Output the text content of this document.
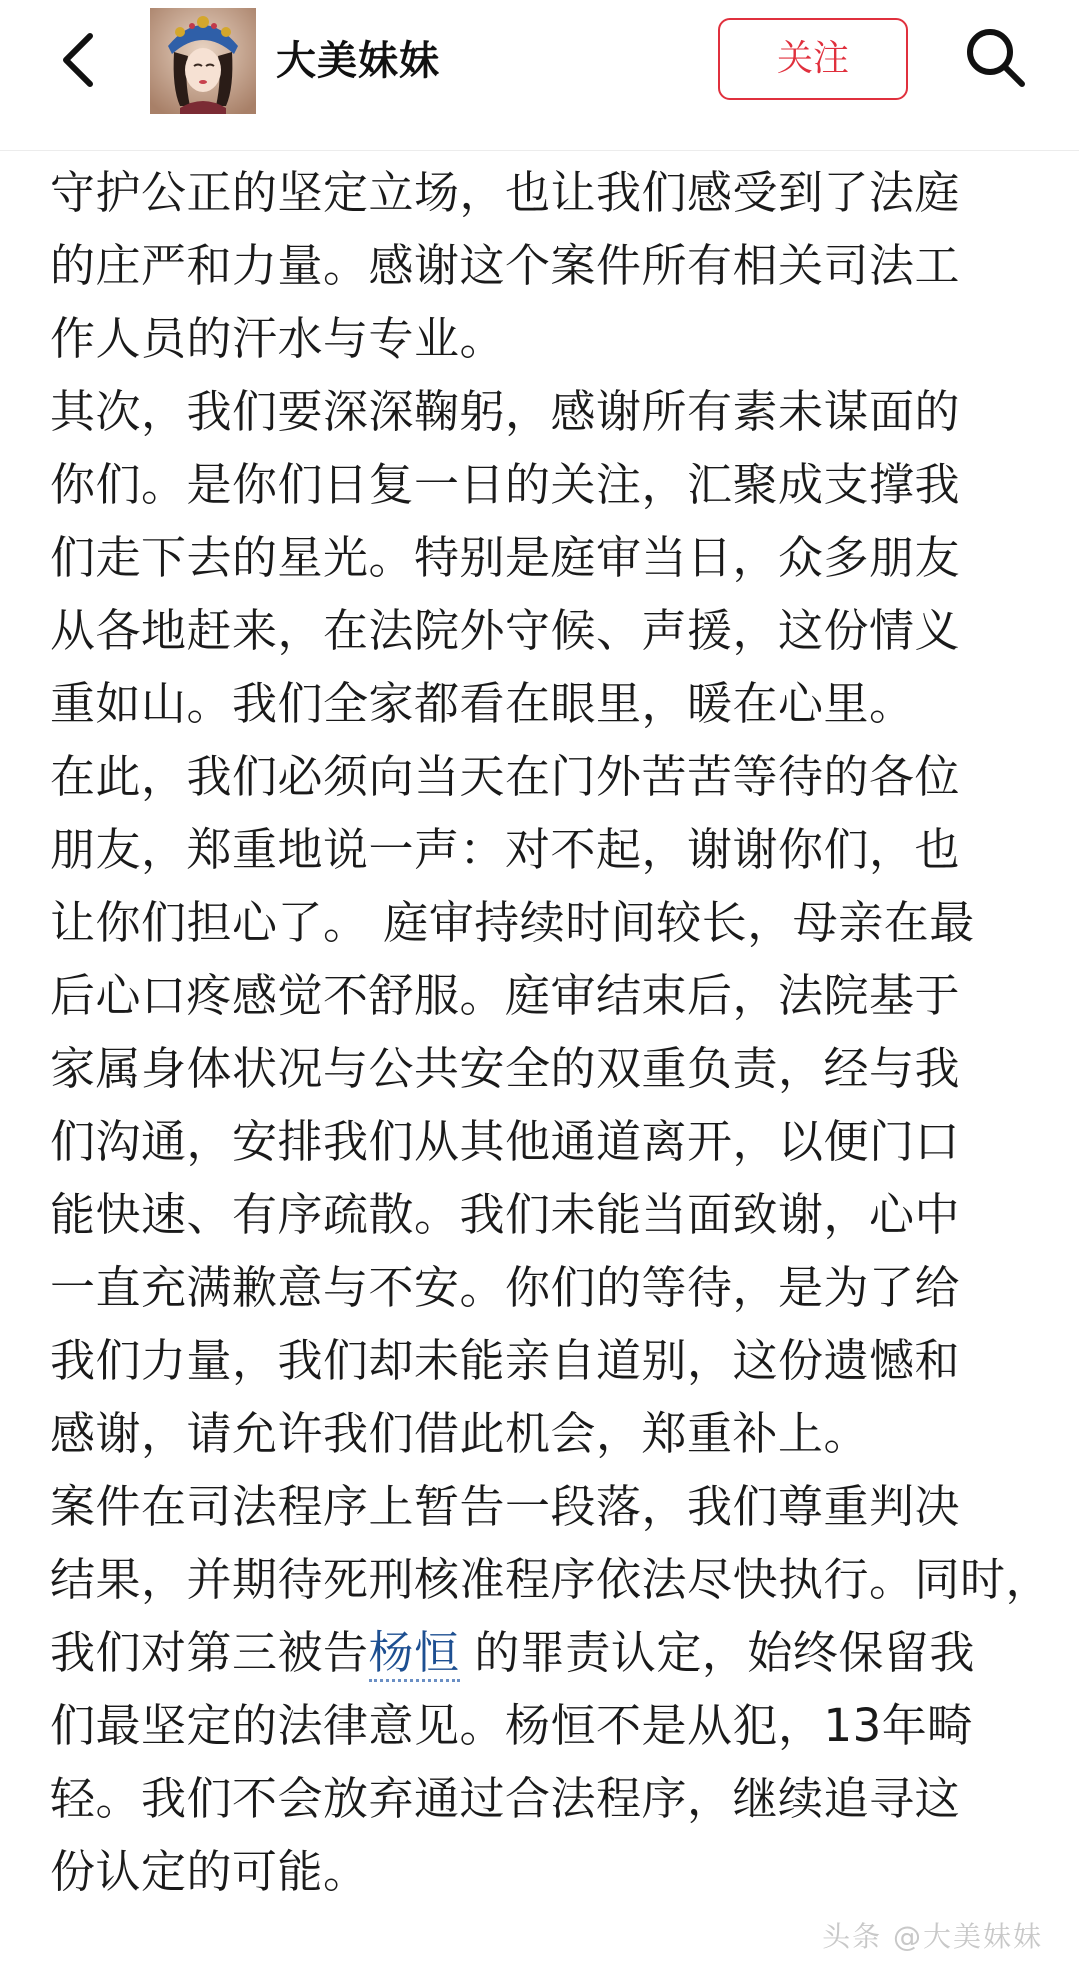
大美妹妹	关注
守护公正的坚定立场，也让我们感受到了法庭
的庄严和力量。感谢这个案件所有相关司法工
作人员的汗水与专业。
其次，我们要深深鞠躬，感谢所有素未谋面的
你们。是你们日复一日的关注，汇聚成支撑我
们走下去的星光。特别是庭审当日，众多朋友
从各地赶来，在法院外守候、声援，这份情义
重如山。我们全家都看在眼里，暖在心里。
在此，我们必须向当天在门外苦苦等待的各位
朋友，郑重地说一声：对不起，谢谢你们，也
让你们担心了。 庭审持续时间较长，母亲在最
后心口疼感觉不舒服。庭审结束后，法院基于
家属身体状况与公共安全的双重负责，经与我
们沟通，安排我们从其他通道离开，以便门口
能快速、有序疏散。我们未能当面致谢，心中
一直充满歉意与不安。你们的等待，是为了给
我们力量，我们却未能亲自道别，这份遗憾和
感谢，请允许我们借此机会，郑重补上。
案件在司法程序上暂告一段落，我们尊重判决
结果，并期待死刑核准程序依法尽快执行。同时，
我们对第三被告杨恒 的罪责认定，始终保留我
们最坚定的法律意见。杨恒不是从犯，13年畸
轻。我们不会放弃通过合法程序，继续追寻这
份认定的可能。
头条 @大美妹妹
